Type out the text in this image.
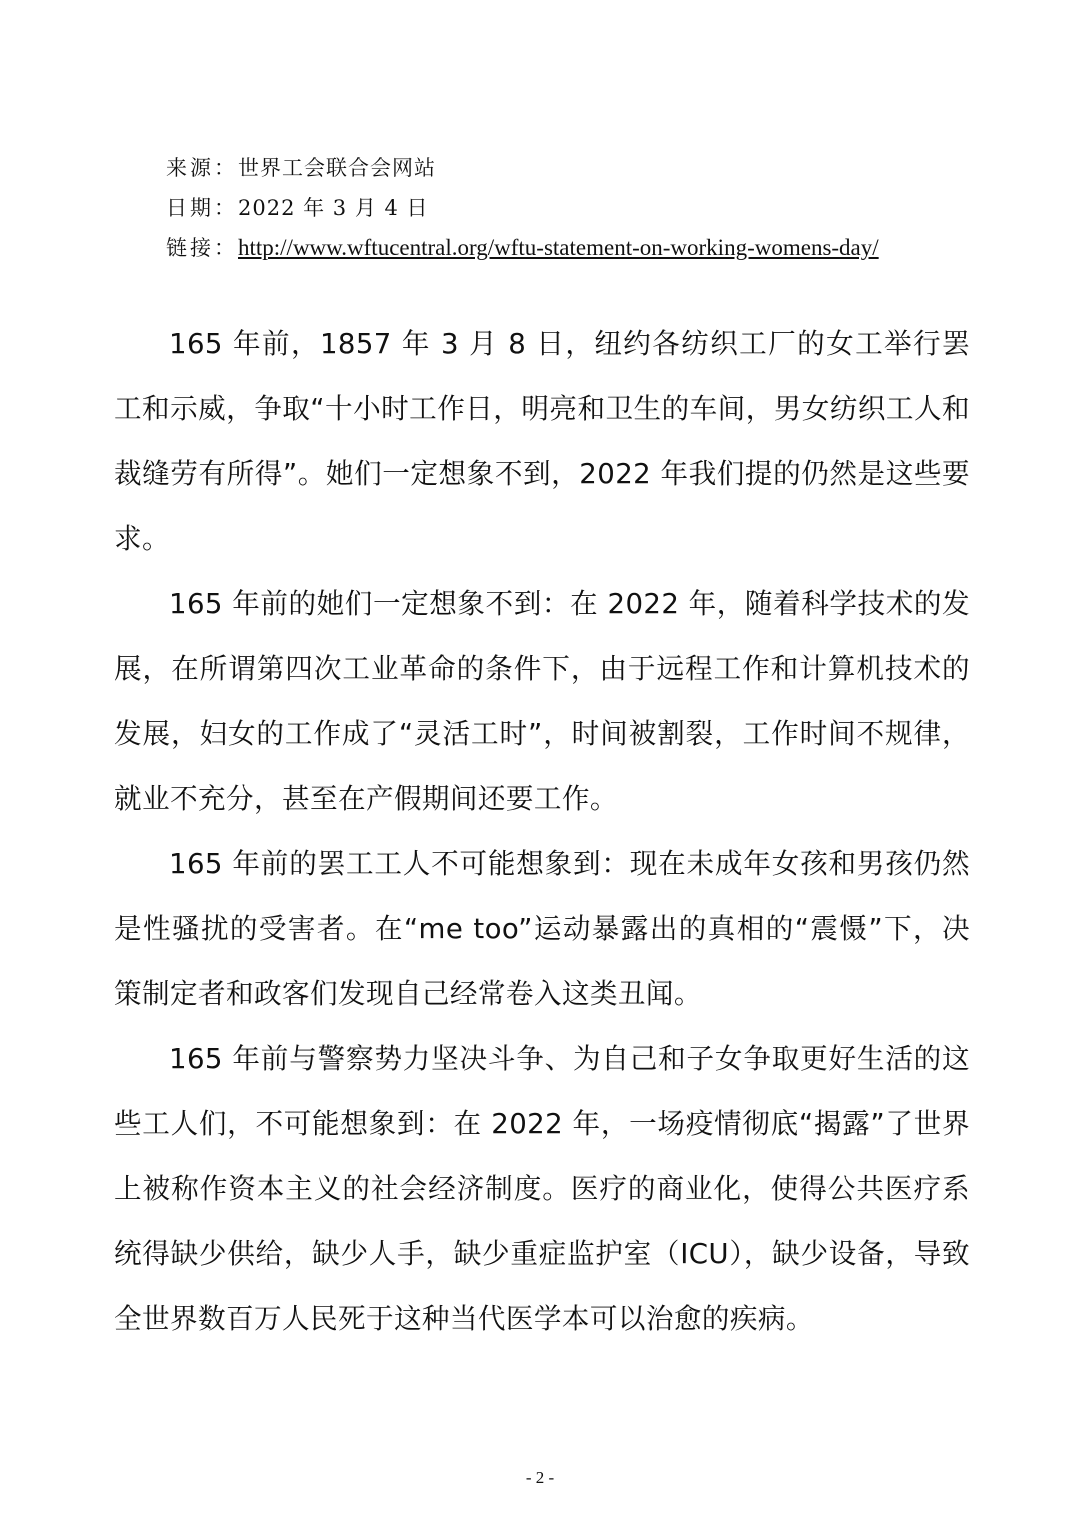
来源： 世界工会联合会网站
日期： 2022 年 3 月 4 日
链接： http://www.wftucentral.org/wftu-statement-on-working-womens-day/

165 年前，1857 年 3 月 8 日，纽约各纺织工厂的女工举行罢工和示威，争取“十小时工作日，明亮和卫生的车间，男女纺织工人和裁缝劳有所得”。她们一定想象不到，2022 年我们提的仍然是这些要求。

165 年前的她们一定想象不到：在 2022 年，随着科学技术的发展，在所谓第四次工业革命的条件下，由于远程工作和计算机技术的发展，妇女的工作成了“灵活工时”，时间被割裂，工作时间不规律，就业不充分，甚至在产假期间还要工作。

165 年前的罢工工人不可能想象到：现在未成年女孩和男孩仍然是性骚扰的受害者。在“me too”运动暴露出的真相的“震慑”下，决策制定者和政客们发现自己经常卷入这类丑闻。

165 年前与警察势力坚决斗争、为自己和子女争取更好生活的这些工人们，不可能想象到：在 2022 年，一场疫情彻底“揭露”了世界上被称作资本主义的社会经济制度。医疗的商业化，使得公共医疗系统得缺少供给，缺少人手，缺少重症监护室（ICU），缺少设备，导致全世界数百万人民死于这种当代医学本可以治愈的疾病。

- 2 -
